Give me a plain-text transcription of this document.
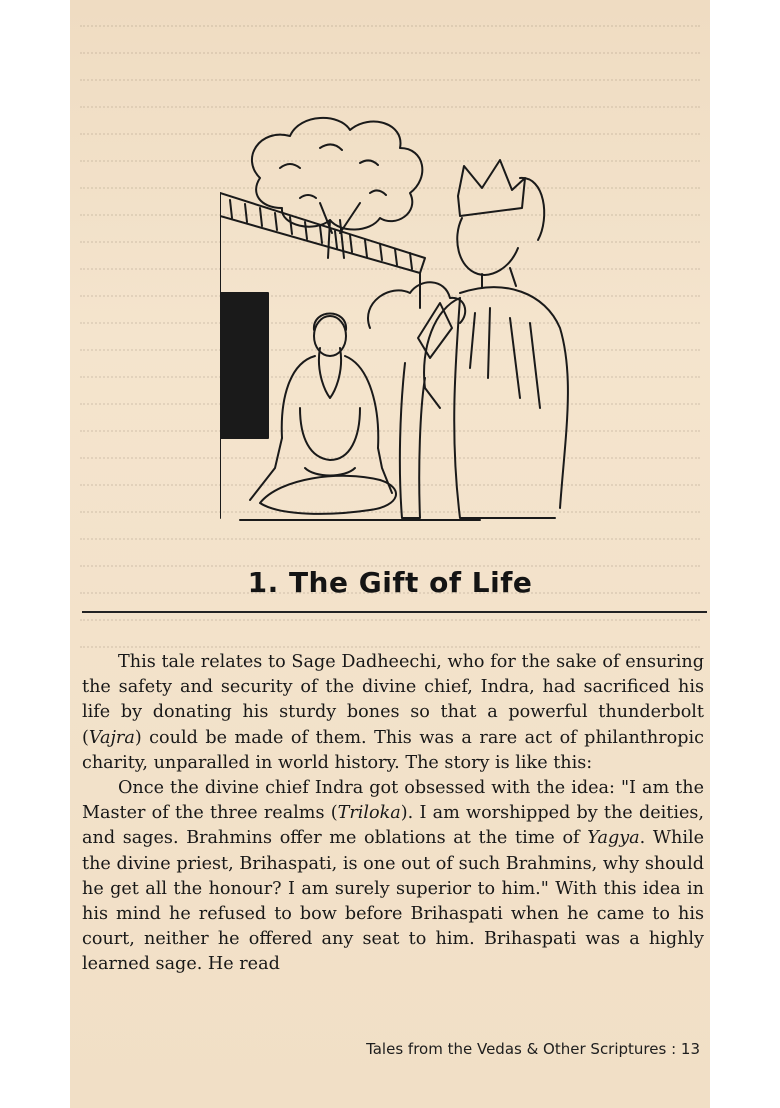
1. The Gift of Life

This tale relates to Sage Dadheechi, who for the sake of ensuring the safety and security of the divine chief, Indra, had sacrificed his life by donating his sturdy bones so that a powerful thunderbolt (Vajra) could be made of them. This was a rare act of philanthropic charity, unparalled in world history. The story is like this:

Once the divine chief Indra got obsessed with the idea: "I am the Master of the three realms (Triloka). I am worshipped by the deities, and sages. Brahmins offer me oblations at the time of Yagya. While the divine priest, Brihaspati, is one out of such Brahmins, why should he get all the honour? I am surely superior to him." With this idea in his mind he refused to bow before Brihaspati when he came to his court, neither he offered any seat to him. Brihaspati was a highly learned sage. He read

Tales from the Vedas & Other Scriptures : 13
